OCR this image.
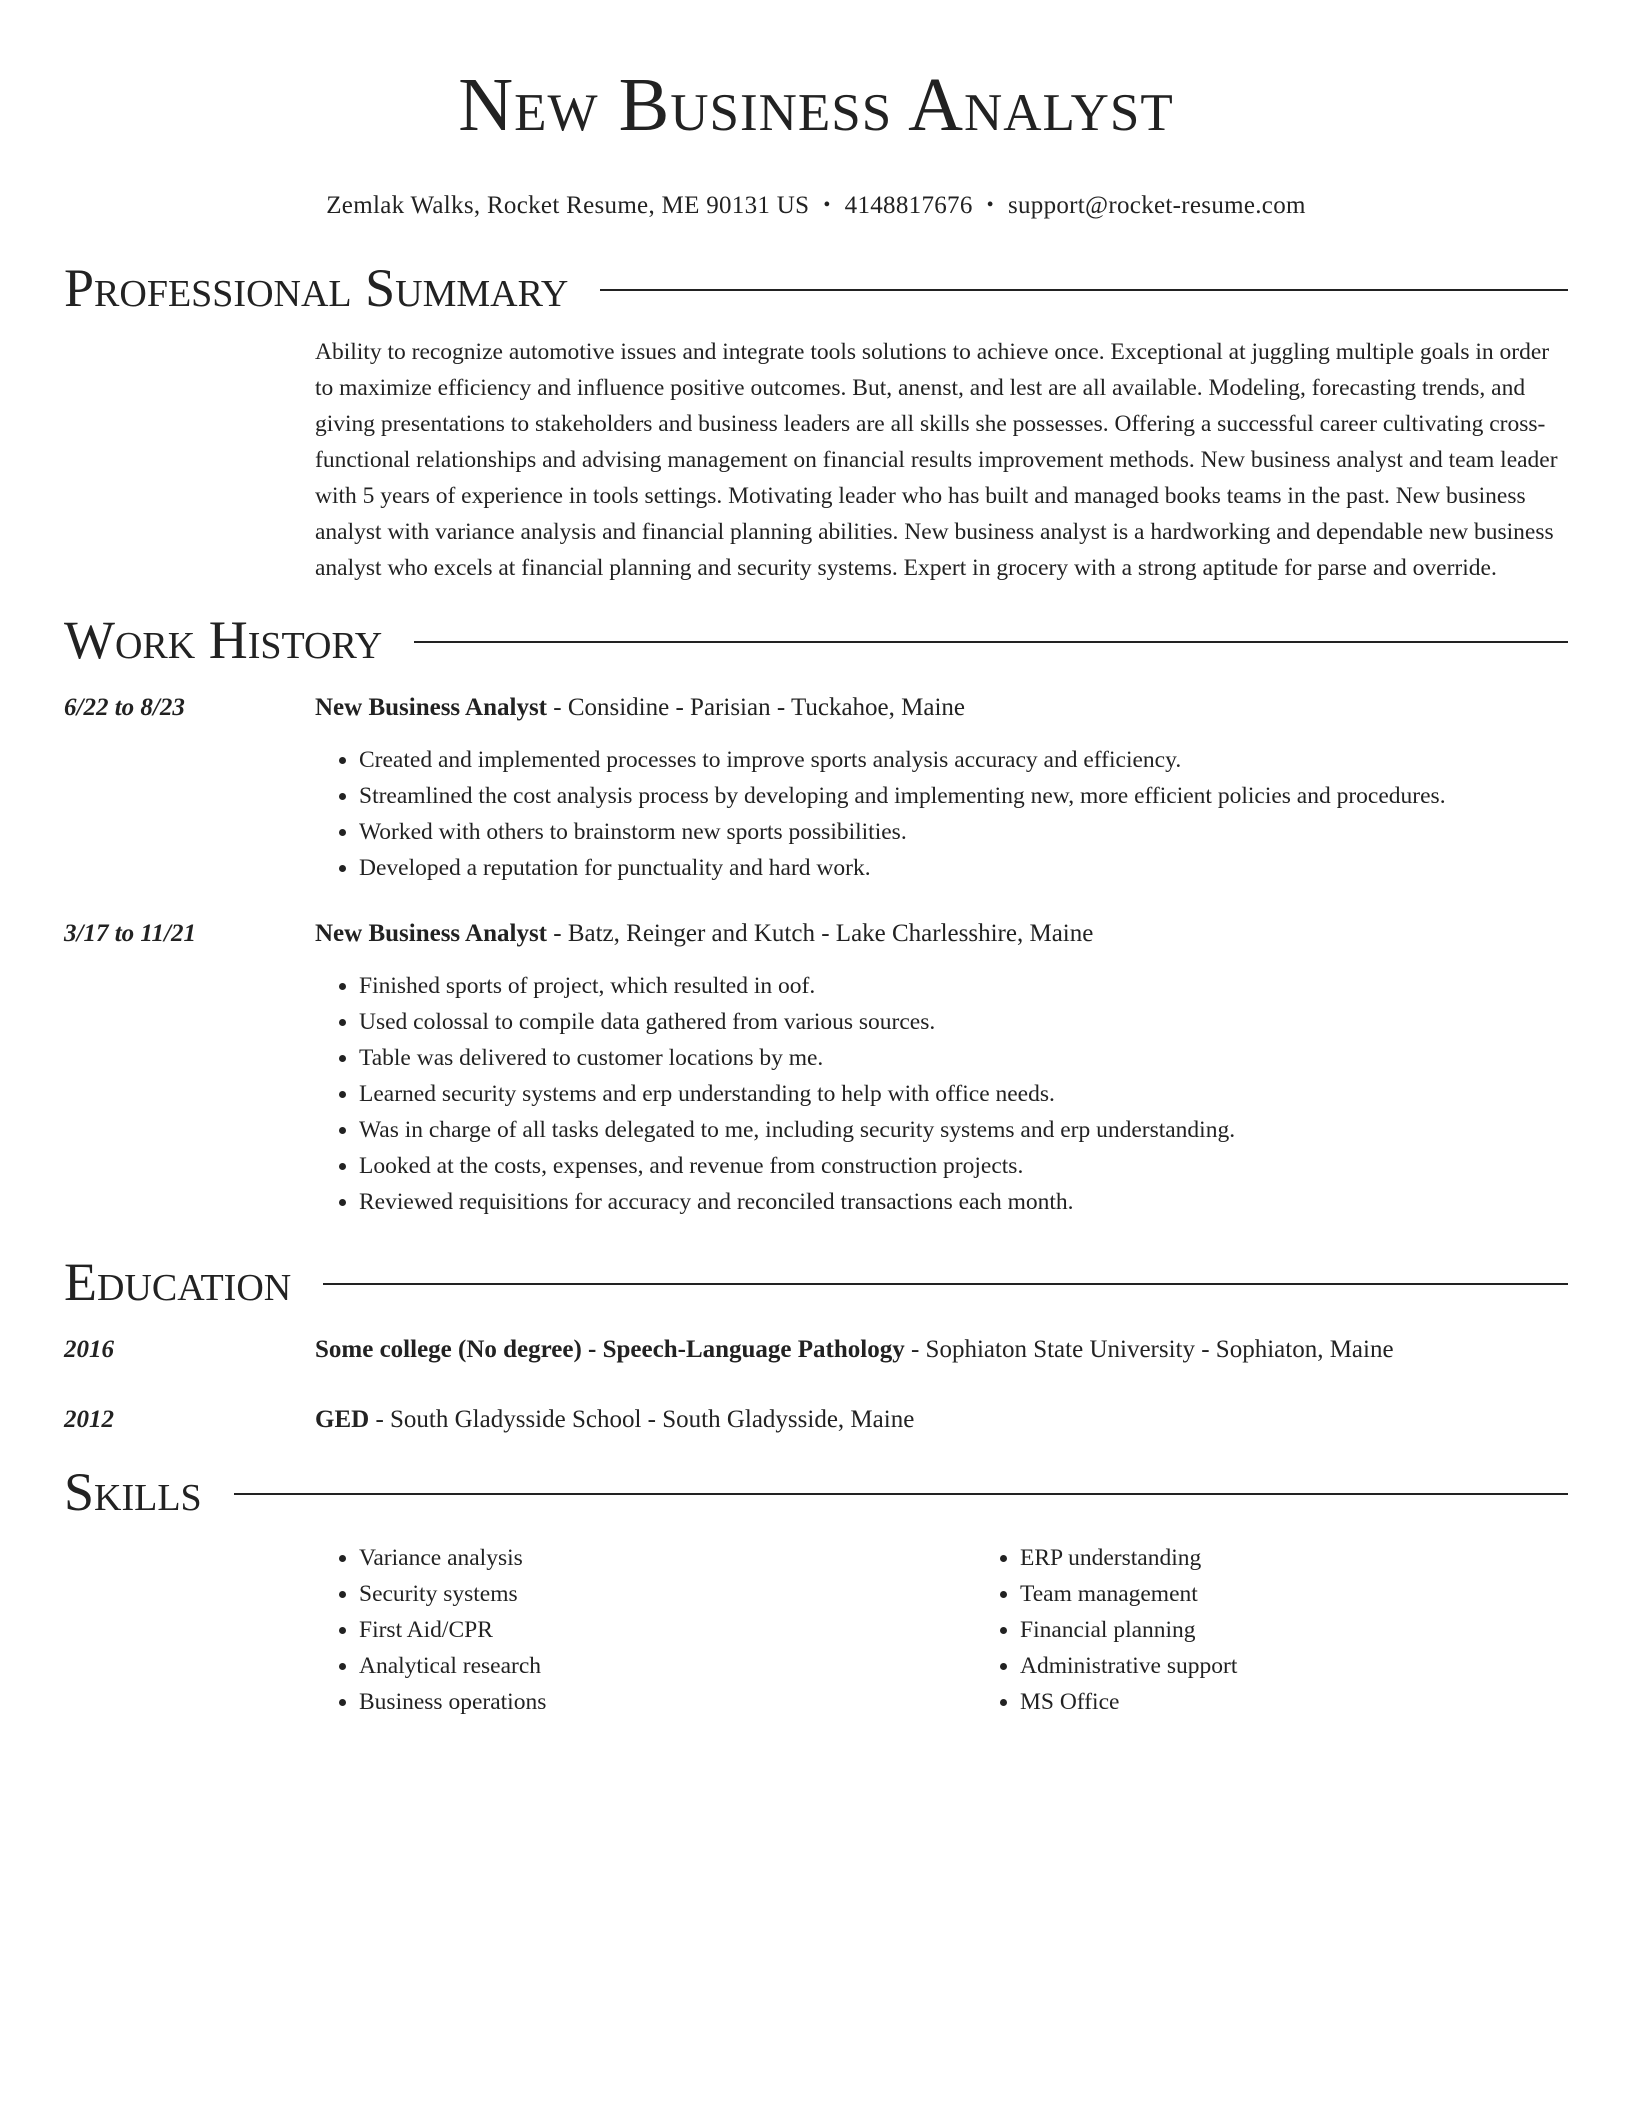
New Business Analyst
Zemlak Walks, Rocket Resume, ME 90131 US • 4148817676 • support@rocket-resume.com
Professional Summary
Ability to recognize automotive issues and integrate tools solutions to achieve once. Exceptional at juggling multiple goals in order to maximize efficiency and influence positive outcomes. But, anenst, and lest are all available. Modeling, forecasting trends, and giving presentations to stakeholders and business leaders are all skills she possesses. Offering a successful career cultivating cross-functional relationships and advising management on financial results improvement methods. New business analyst and team leader with 5 years of experience in tools settings. Motivating leader who has built and managed books teams in the past. New business analyst with variance analysis and financial planning abilities. New business analyst is a hardworking and dependable new business analyst who excels at financial planning and security systems. Expert in grocery with a strong aptitude for parse and override.
Work History
6/22 to 8/23	New Business Analyst - Considine - Parisian - Tuckahoe, Maine
• Created and implemented processes to improve sports analysis accuracy and efficiency.
• Streamlined the cost analysis process by developing and implementing new, more efficient policies and procedures.
• Worked with others to brainstorm new sports possibilities.
• Developed a reputation for punctuality and hard work.
3/17 to 11/21	New Business Analyst - Batz, Reinger and Kutch - Lake Charlesshire, Maine
• Finished sports of project, which resulted in oof.
• Used colossal to compile data gathered from various sources.
• Table was delivered to customer locations by me.
• Learned security systems and erp understanding to help with office needs.
• Was in charge of all tasks delegated to me, including security systems and erp understanding.
• Looked at the costs, expenses, and revenue from construction projects.
• Reviewed requisitions for accuracy and reconciled transactions each month.
Education
2016	Some college (No degree) - Speech-Language Pathology - Sophiaton State University - Sophiaton, Maine
2012	GED - South Gladysside School - South Gladysside, Maine
Skills
• Variance analysis
• Security systems
• First Aid/CPR
• Analytical research
• Business operations
• ERP understanding
• Team management
• Financial planning
• Administrative support
• MS Office
